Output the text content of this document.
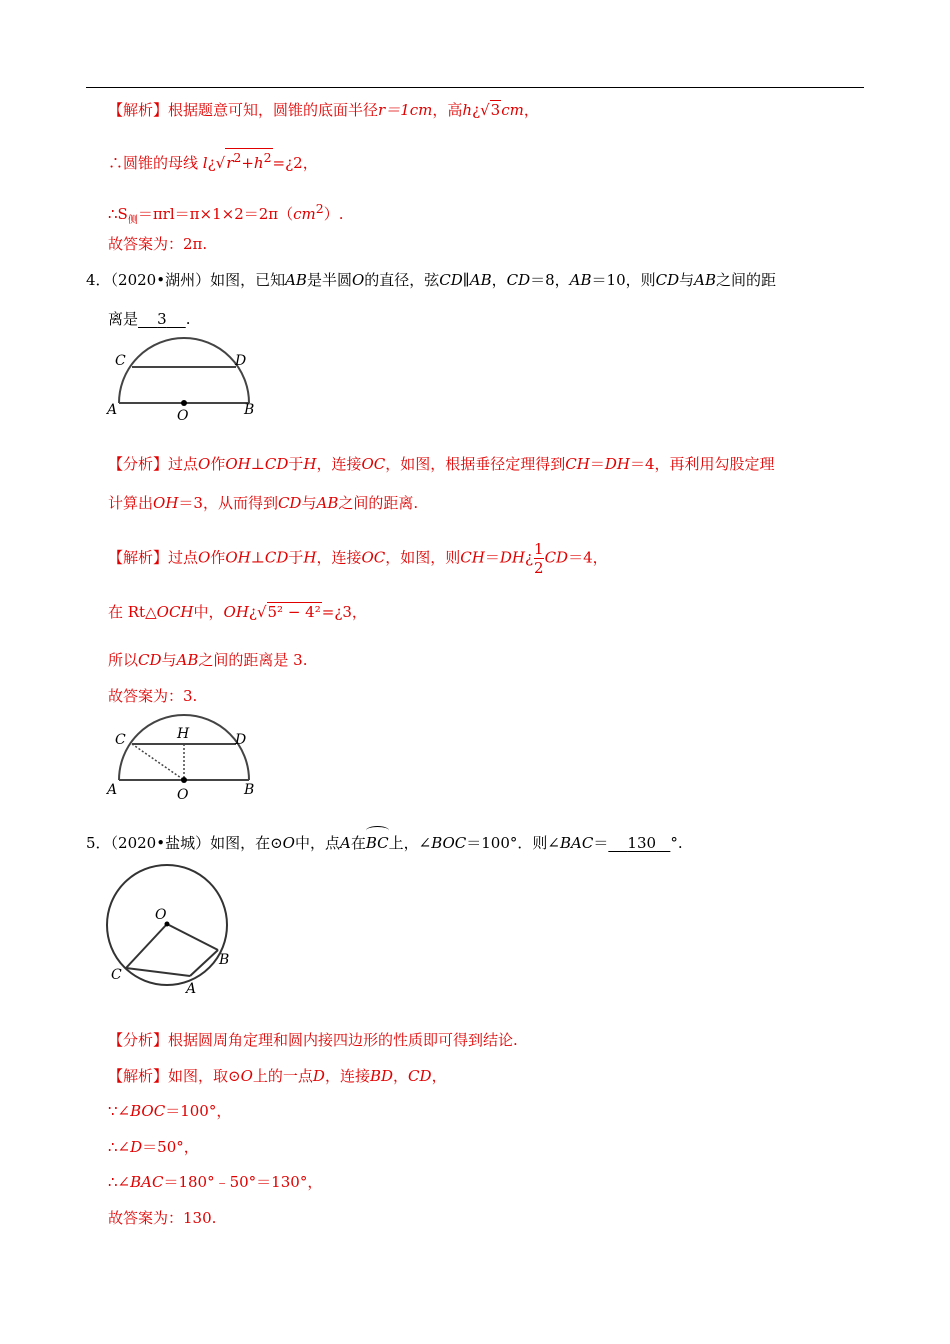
【解析】根据题意可知，圆锥的底面半径r＝1cm，高h¿√3cm，
∴圆锥的母线 $l¿√r^2+h^2=¿2$，
$\therefore S_侧=\pi rl=\pi\times 1\times 2=2\pi(cm^2)$.
故答案为：2π.
4．（2020•湖州）如图，已知AB是半圆O的直径，弦CD∥AB，CD＝8，AB＝10，则CD与AB之间的距
离是 3 .
C	D
A	O	B
【分析】过点O作OH⊥CD于H，连接OC，如图，根据垂径定理得到CH＝DH＝4，再利用勾股定理
计算出OH＝3，从而得到CD与AB之间的距离.
【解析】过点O作OH⊥CD于H，连接OC，如图，则CH＝DH¿ $\frac{1}{2} CD=4$，
在 Rt△OCH中，OH¿√5² − 4²=¿3，
所以CD与AB之间的距离是 3.
故答案为：3.
C	H	D
A	O	B
5．（2020•盐城）如图，在⊙O中，点A在BC上，∠BOC＝100°．则∠BAC＝ 130 °.
O
B
C
A
【分析】根据圆周角定理和圆内接四边形的性质即可得到结论.
【解析】如图，取⊙O上的一点D，连接BD，CD，
∵∠BOC＝100°，
∴∠D＝50°，
∴∠BAC＝180°﹣50°＝130°，
故答案为：130.
